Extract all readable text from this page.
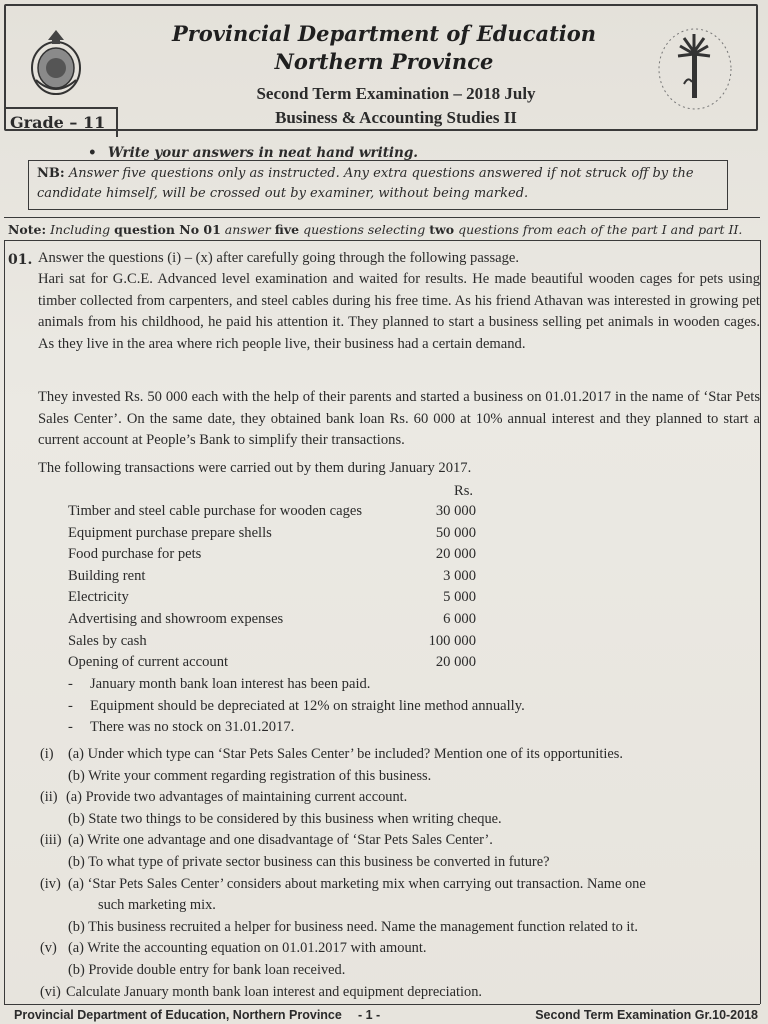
Provincial Department of Education
Northern Province
Second Term Examination – 2018 July
Business & Accounting Studies II
Grade – 11
• Write your answers in neat hand writing.
NB: Answer five questions only as instructed. Any extra questions answered if not struck off by the candidate himself, will be crossed out by examiner, without being marked.
Note: Including question No 01 answer five questions selecting two questions from each of the part I and part II.
01. Answer the questions (i) – (x) after carefully going through the following passage.
Hari sat for G.C.E. Advanced level examination and waited for results. He made beautiful wooden cages for pets using timber collected from carpenters, and steel cables during his free time. As his friend Athavan was interested in growing pet animals from his childhood, he paid his attention it. They planned to start a business selling pet animals in wooden cages. As they live in the area where rich people live, their business had a certain demand.
They invested Rs. 50 000 each with the help of their parents and started a business on 01.01.2017 in the name of ‘Star Pets Sales Center’. On the same date, they obtained bank loan Rs. 60 000 at 10% annual interest and they planned to start a current account at People’s Bank to simplify their transactions.
The following transactions were carried out by them during January 2017.
Rs.
Timber and steel cable purchase for wooden cages	30 000
Equipment purchase prepare shells	50 000
Food purchase for pets	20 000
Building rent	3 000
Electricity	5 000
Advertising and showroom expenses	6 000
Sales by cash	100 000
Opening of current account	20 000
- January month bank loan interest has been paid.
- Equipment should be depreciated at 12% on straight line method annually.
- There was no stock on 31.01.2017.
(i) (a) Under which type can ‘Star Pets Sales Center’ be included? Mention one of its opportunities.
(b) Write your comment regarding registration of this business.
(ii) (a) Provide two advantages of maintaining current account.
(b) State two things to be considered by this business when writing cheque.
(iii) (a) Write one advantage and one disadvantage of ‘Star Pets Sales Center’.
(b) To what type of private sector business can this business be converted in future?
(iv) (a) ‘Star Pets Sales Center’ considers about marketing mix when carrying out transaction. Name one
such marketing mix.
(b) This business recruited a helper for business need. Name the management function related to it.
(v) (a) Write the accounting equation on 01.01.2017 with amount.
(b) Provide double entry for bank loan received.
(vi) Calculate January month bank loan interest and equipment depreciation.
Provincial Department of Education, Northern Province - 1 -	Second Term Examination Gr.10-2018
